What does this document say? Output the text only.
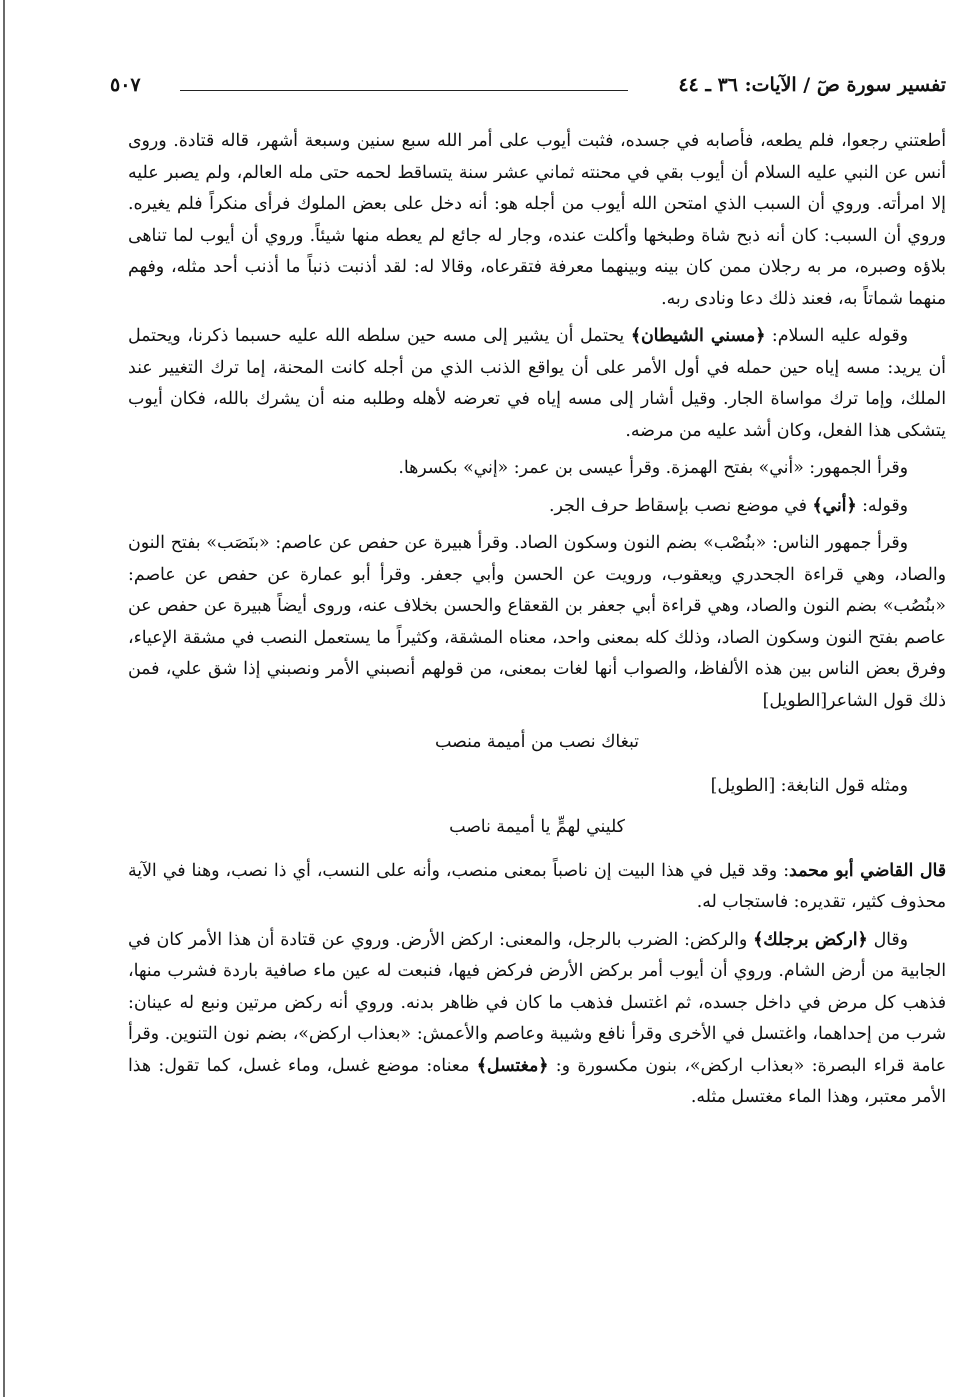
تفسير سورة صٓ / الآيات: ٣٦ ـ ٤٤
٥٠٧
أطعتني رجعوا، فلم يطعه، فأصابه في جسده، فثبت أيوب على أمر الله سبع سنين وسبعة أشهر، قاله قتادة. وروى أنس عن النبي عليه السلام أن أيوب بقي في محنته ثماني عشر سنة يتساقط لحمه حتى مله العالم، ولم يصبر عليه إلا امرأته. وروي أن السبب الذي امتحن الله أيوب من أجله هو: أنه دخل على بعض الملوك فرأى منكراً فلم يغيره. وروي أن السبب: كان أنه ذبح شاة وطبخها وأكلت عنده، وجار له جائع لم يعطه منها شيئاً. وروي أن أيوب لما تناهى بلاؤه وصبره، مر به رجلان ممن كان بينه وبينهما معرفة فتقرعاه، وقالا له: لقد أذنبت ذنباً ما أذنب أحد مثله، وفهم منهما شماتاً به، فعند ذلك دعا ونادى ربه.
وقوله عليه السلام: ﴿مسني الشيطان﴾ يحتمل أن يشير إلى مسه حين سلطه الله عليه حسبما ذكرنا، ويحتمل أن يريد: مسه إياه حين حمله في أول الأمر على أن يواقع الذنب الذي من أجله كانت المحنة، إما ترك التغيير عند الملك، وإما ترك مواساة الجار. وقيل أشار إلى مسه إياه في تعرضه لأهله وطلبه منه أن يشرك بالله، فكان أيوب يتشكى هذا الفعل، وكان أشد عليه من مرضه.
وقرأ الجمهور: «أني» بفتح الهمزة. وقرأ عيسى بن عمر: «إني» بكسرها.
وقوله: ﴿أني﴾ في موضع نصب بإسقاط حرف الجر.
وقرأ جمهور الناس: «بنُصْب» بضم النون وسكون الصاد. وقرأ هبيرة عن حفص عن عاصم: «بنَصَب» بفتح النون والصاد، وهي قراءة الجحدري ويعقوب، ورويت عن الحسن وأبي جعفر. وقرأ أبو عمارة عن حفص عن عاصم: «بنُصُب» بضم النون والصاد، وهي قراءة أبي جعفر بن القعقاع والحسن بخلاف عنه، وروى أيضاً هبيرة عن حفص عن عاصم بفتح النون وسكون الصاد، وذلك كله بمعنى واحد، معناه المشقة، وكثيراً ما يستعمل النصب في مشقة الإعياء، وفرق بعض الناس بين هذه الألفاظ، والصواب أنها لغات بمعنى، من قولهم أنصبني الأمر ونصبني إذا شق علي، فمن ذلك قول الشاعر[الطويل]
تبغاك نصب من أميمة منصب
ومثله قول النابغة: [الطويل]
كليني لهمٍّ يا أميمة ناصب
قال القاضي أبو محمد: وقد قيل في هذا البيت إن ناصباً بمعنى منصب، وأنه على النسب، أي ذا نصب، وهنا في الآية محذوف كثير، تقديره: فاستجاب له.
وقال ﴿اركض برجلك﴾ والركض: الضرب بالرجل، والمعنى: اركض الأرض. وروي عن قتادة أن هذا الأمر كان في الجابية من أرض الشام. وروي أن أيوب أمر بركض الأرض فركض فيها، فنبعت له عين ماء صافية باردة فشرب منها، فذهب كل مرض في داخل جسده، ثم اغتسل فذهب ما كان في ظاهر بدنه. وروي أنه ركض مرتين ونبع له عينان: شرب من إحداهما، واغتسل في الأخرى وقرأ نافع وشيبة وعاصم والأعمش: «بعذاب اركض»، بضم نون التنوين. وقرأ عامة قراء البصرة: «بعذاب اركض»، بنون مكسورة و: ﴿مغتسل﴾ معناه: موضع غسل، وماء غسل، كما تقول: هذا الأمر معتبر، وهذا الماء مغتسل مثله.
